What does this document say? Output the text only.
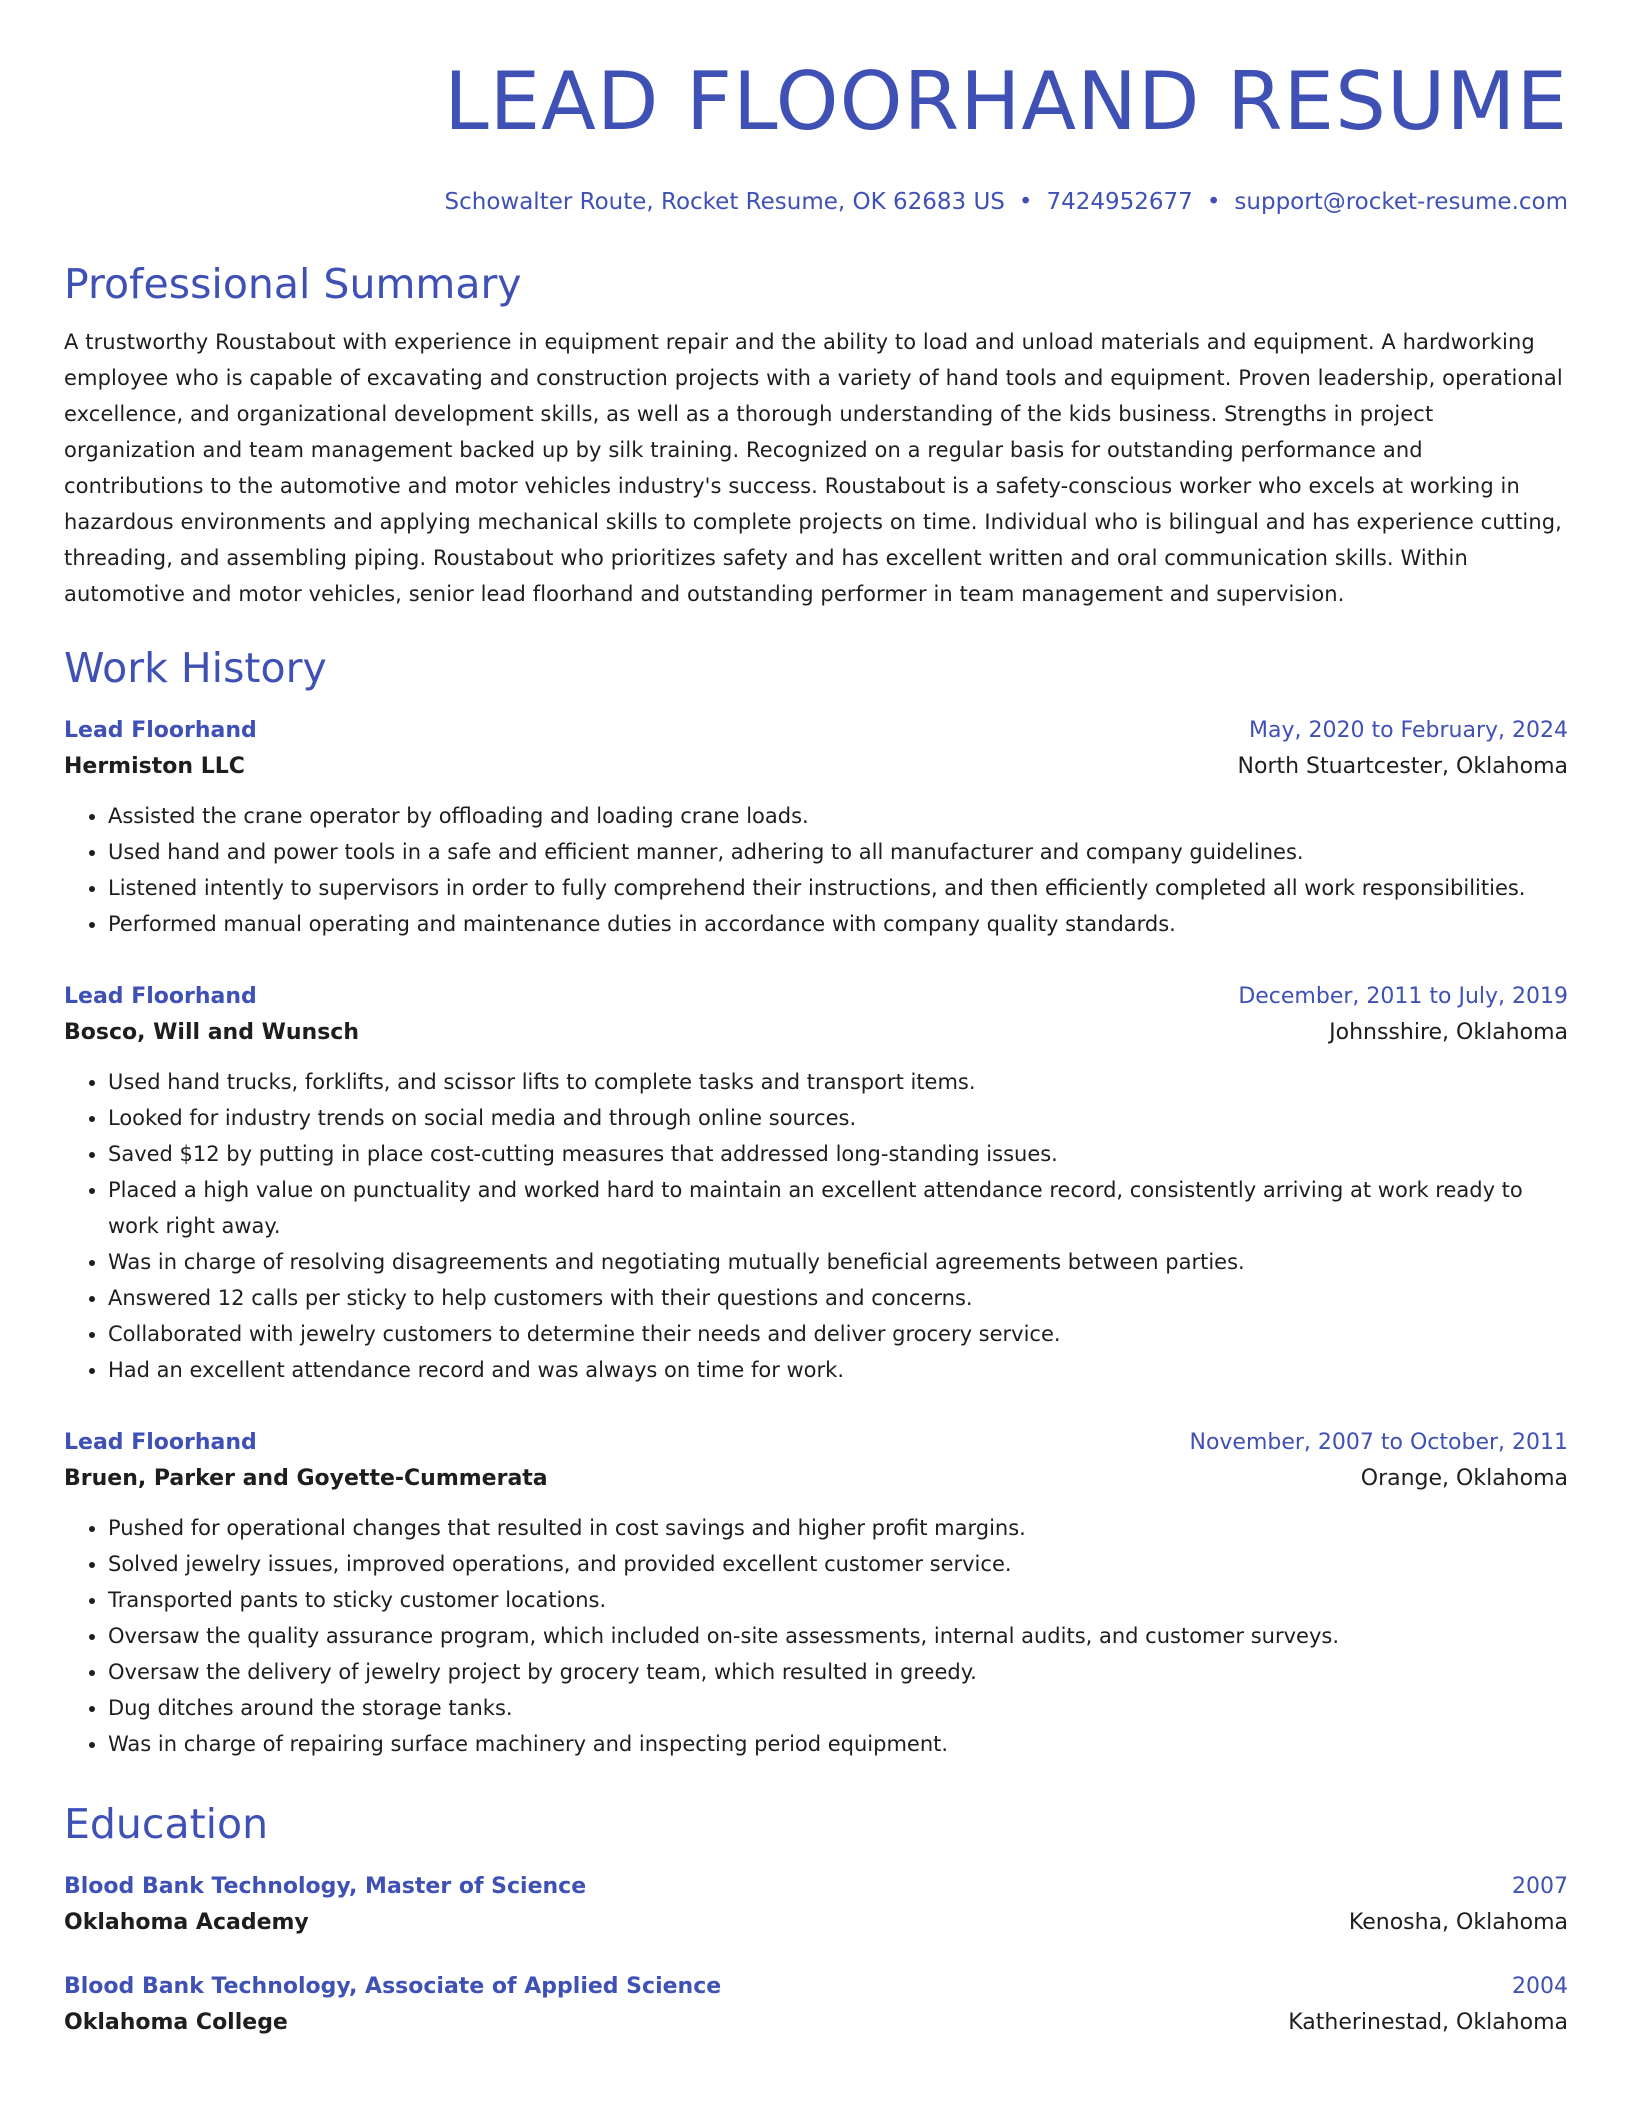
LEAD FLOORHAND RESUME
Schowalter Route, Rocket Resume, OK 62683 US • 7424952677 • support@rocket-resume.com
Professional Summary
A trustworthy Roustabout with experience in equipment repair and the ability to load and unload materials and equipment. A hardworking employee who is capable of excavating and construction projects with a variety of hand tools and equipment. Proven leadership, operational excellence, and organizational development skills, as well as a thorough understanding of the kids business. Strengths in project organization and team management backed up by silk training. Recognized on a regular basis for outstanding performance and contributions to the automotive and motor vehicles industry's success. Roustabout is a safety-conscious worker who excels at working in hazardous environments and applying mechanical skills to complete projects on time. Individual who is bilingual and has experience cutting, threading, and assembling piping. Roustabout who prioritizes safety and has excellent written and oral communication skills. Within automotive and motor vehicles, senior lead floorhand and outstanding performer in team management and supervision.
Work History
Lead Floorhand	May, 2020 to February, 2024
Hermiston LLC	North Stuartcester, Oklahoma
• Assisted the crane operator by offloading and loading crane loads.
• Used hand and power tools in a safe and efficient manner, adhering to all manufacturer and company guidelines.
• Listened intently to supervisors in order to fully comprehend their instructions, and then efficiently completed all work responsibilities.
• Performed manual operating and maintenance duties in accordance with company quality standards.
Lead Floorhand	December, 2011 to July, 2019
Bosco, Will and Wunsch	Johnsshire, Oklahoma
• Used hand trucks, forklifts, and scissor lifts to complete tasks and transport items.
• Looked for industry trends on social media and through online sources.
• Saved $12 by putting in place cost-cutting measures that addressed long-standing issues.
• Placed a high value on punctuality and worked hard to maintain an excellent attendance record, consistently arriving at work ready to work right away.
• Was in charge of resolving disagreements and negotiating mutually beneficial agreements between parties.
• Answered 12 calls per sticky to help customers with their questions and concerns.
• Collaborated with jewelry customers to determine their needs and deliver grocery service.
• Had an excellent attendance record and was always on time for work.
Lead Floorhand	November, 2007 to October, 2011
Bruen, Parker and Goyette-Cummerata	Orange, Oklahoma
• Pushed for operational changes that resulted in cost savings and higher profit margins.
• Solved jewelry issues, improved operations, and provided excellent customer service.
• Transported pants to sticky customer locations.
• Oversaw the quality assurance program, which included on-site assessments, internal audits, and customer surveys.
• Oversaw the delivery of jewelry project by grocery team, which resulted in greedy.
• Dug ditches around the storage tanks.
• Was in charge of repairing surface machinery and inspecting period equipment.
Education
Blood Bank Technology, Master of Science	2007
Oklahoma Academy	Kenosha, Oklahoma
Blood Bank Technology, Associate of Applied Science	2004
Oklahoma College	Katherinestad, Oklahoma
